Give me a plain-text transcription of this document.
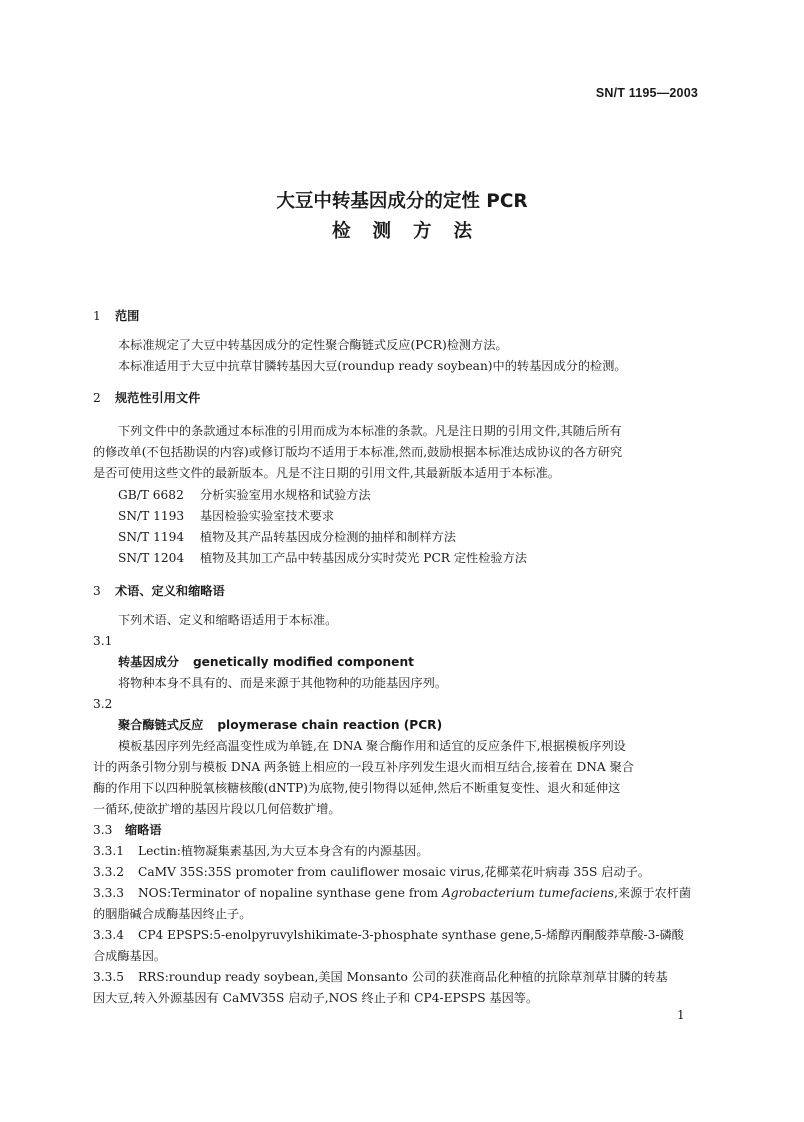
SN/T 1195—2003
大豆中转基因成分的定性 PCR
检测方法
1 范围
本标准规定了大豆中转基因成分的定性聚合酶链式反应(PCR)检测方法。
本标准适用于大豆中抗草甘膦转基因大豆(roundup ready soybean)中的转基因成分的检测。
2 规范性引用文件
下列文件中的条款通过本标准的引用而成为本标准的条款。凡是注日期的引用文件,其随后所有
的修改单(不包括勘误的内容)或修订版均不适用于本标准,然而,鼓励根据本标准达成协议的各方研究
是否可使用这些文件的最新版本。凡是不注日期的引用文件,其最新版本适用于本标准。
GB/T 6682 分析实验室用水规格和试验方法
SN/T 1193 基因检验实验室技术要求
SN/T 1194 植物及其产品转基因成分检测的抽样和制样方法
SN/T 1204 植物及其加工产品中转基因成分实时荧光 PCR 定性检验方法
3 术语、定义和缩略语
下列术语、定义和缩略语适用于本标准。
3.1
转基因成分 genetically modified component
将物种本身不具有的、而是来源于其他物种的功能基因序列。
3.2
聚合酶链式反应 ploymerase chain reaction (PCR)
模板基因序列先经高温变性成为单链,在 DNA 聚合酶作用和适宜的反应条件下,根据模板序列设
计的两条引物分别与模板 DNA 两条链上相应的一段互补序列发生退火而相互结合,接着在 DNA 聚合
酶的作用下以四种脱氧核糖核酸(dNTP)为底物,使引物得以延伸,然后不断重复变性、退火和延伸这
一循环,使欲扩增的基因片段以几何倍数扩增。
3.3 缩略语
3.3.1 Lectin:植物凝集素基因,为大豆本身含有的内源基因。
3.3.2 CaMV 35S:35S promoter from cauliflower mosaic virus,花椰菜花叶病毒 35S 启动子。
3.3.3 NOS:Terminator of nopaline synthase gene from Agrobacterium tumefaciens,来源于农杆菌
的胭脂碱合成酶基因终止子。
3.3.4 CP4 EPSPS:5-enolpyruvylshikimate-3-phosphate synthase gene,5-烯醇丙酮酸莽草酸-3-磷酸
合成酶基因。
3.3.5 RRS:roundup ready soybean,美国 Monsanto 公司的获准商品化种植的抗除草剂草甘膦的转基
因大豆,转入外源基因有 CaMV35S 启动子,NOS 终止子和 CP4-EPSPS 基因等。
1
